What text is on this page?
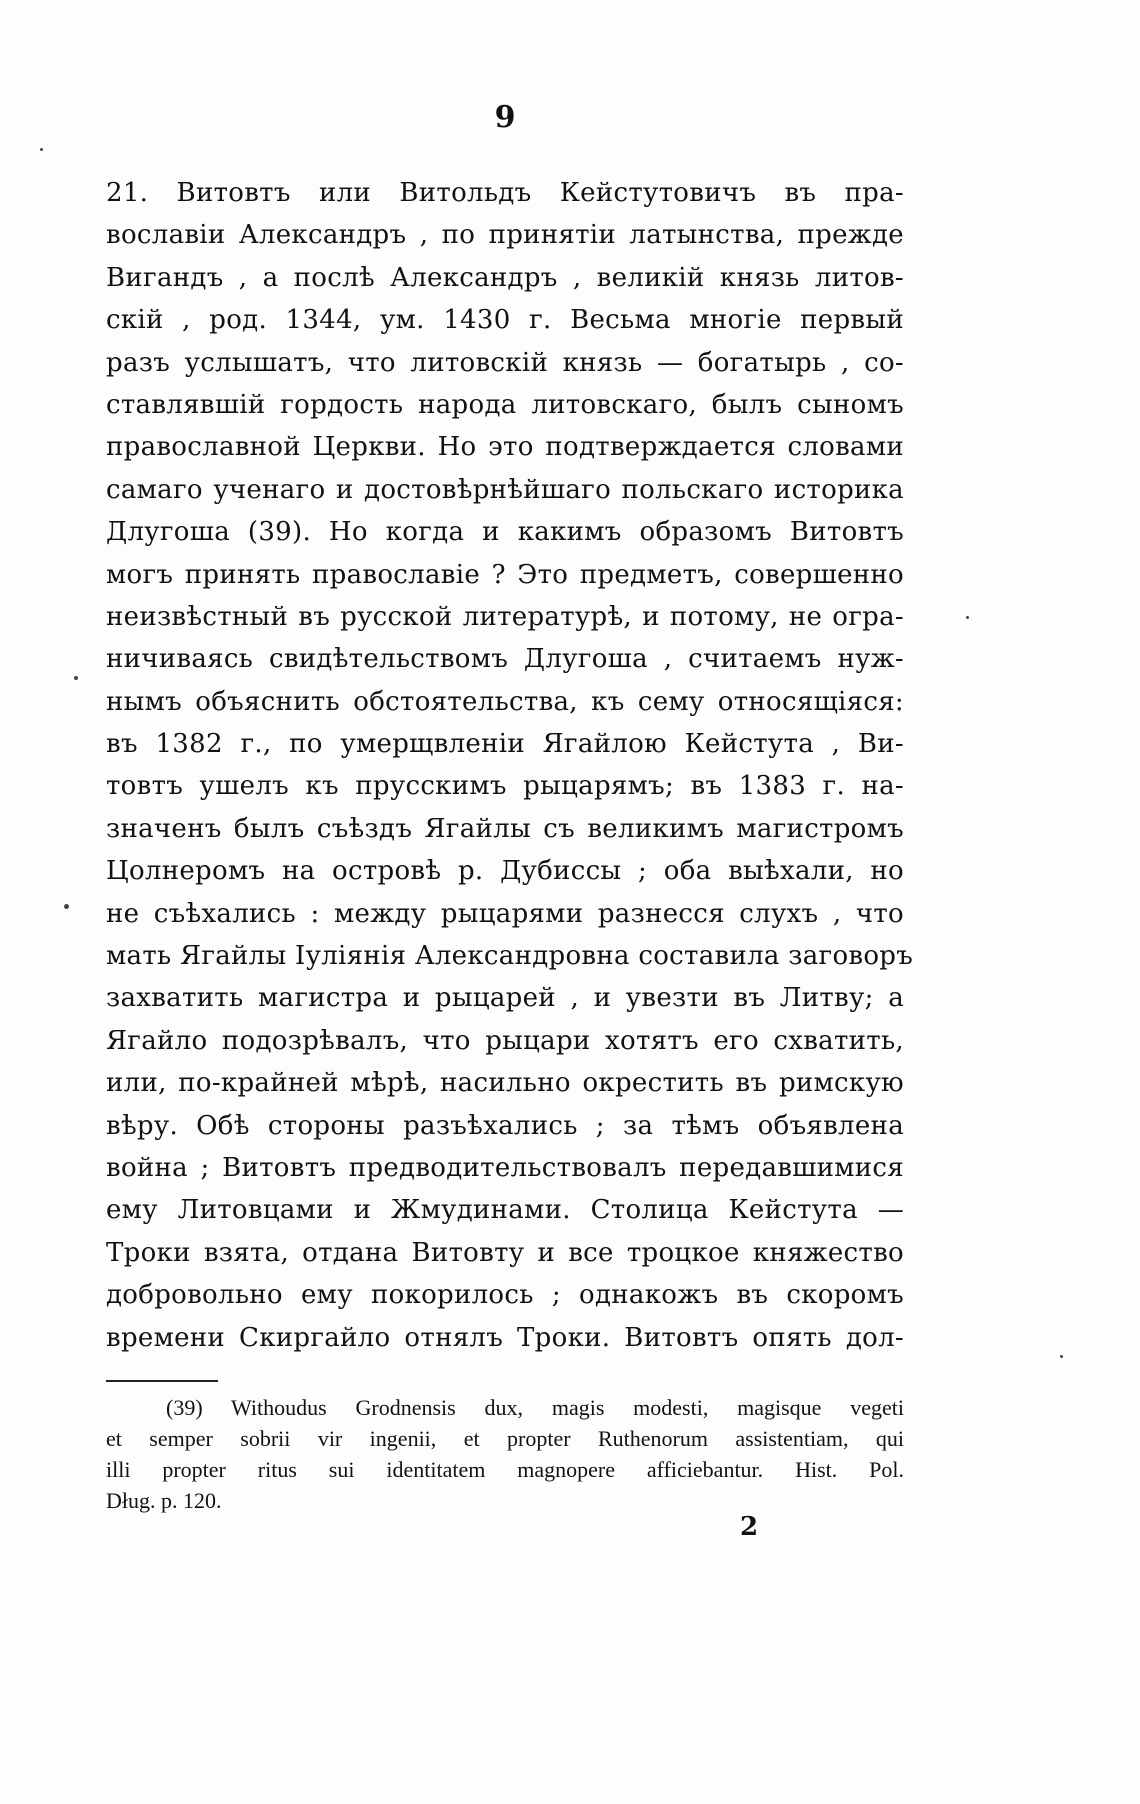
9
21. Витовтъ или Витольдъ Кейстутовичъ въ пра-
вославіи Александръ , по принятіи латынства, прежде
Вигандъ , а послѣ Александръ , великій князь литов-
скій , род. 1344, ум. 1430 г. Весьма многіе первый
разъ услышатъ, что литовскій князь — богатырь , со-
ставлявшій гордость народа литовскаго, былъ сыномъ
православной Церкви. Но это подтверждается словами
самаго ученаго и достовѣрнѣйшаго польскаго историка
Длугоша (39). Но когда и какимъ образомъ Витовтъ
могъ принять православіе ? Это предметъ, совершенно
неизвѣстный въ русской литературѣ, и потому, не огра-
ничиваясь свидѣтельствомъ Длугоша , считаемъ нуж-
нымъ объяснить обстоятельства, къ сему относящіяся:
въ 1382 г., по умерщвленіи Ягайлою Кейстута , Ви-
товтъ ушелъ къ прусскимъ рыцарямъ; въ 1383 г. на-
значенъ былъ съѣздъ Ягайлы съ великимъ магистромъ
Цолнеромъ на островѣ р. Дубиссы ; оба выѣхали, но
не съѣхались : между рыцарями разнесся слухъ , что
мать Ягайлы Іуліянія Александровна составила заговоръ
захватить магистра и рыцарей , и увезти въ Литву; а
Ягайло подозрѣвалъ, что рыцари хотятъ его схватить,
или, по-крайней мѣрѣ, насильно окрестить въ римскую
вѣру. Обѣ стороны разъѣхались ; за тѣмъ объявлена
война ; Витовтъ предводительствовалъ передавшимися
ему Литовцами и Жмудинами. Столица Кейстута —
Троки взята, отдана Витовту и все троцкое княжество
добровольно ему покорилось ; однакожъ въ скоромъ
времени Скиргайло отнялъ Троки. Витовтъ опять дол-
(39) Withoudus Grodnensis dux, magis modesti, magisque vegeti
et semper sobrii vir ingenii, et propter Ruthenorum assistentiam, qui
illi propter ritus sui identitatem magnopere afficiebantur. Hist. Pol.
Dług. p. 120.
2
